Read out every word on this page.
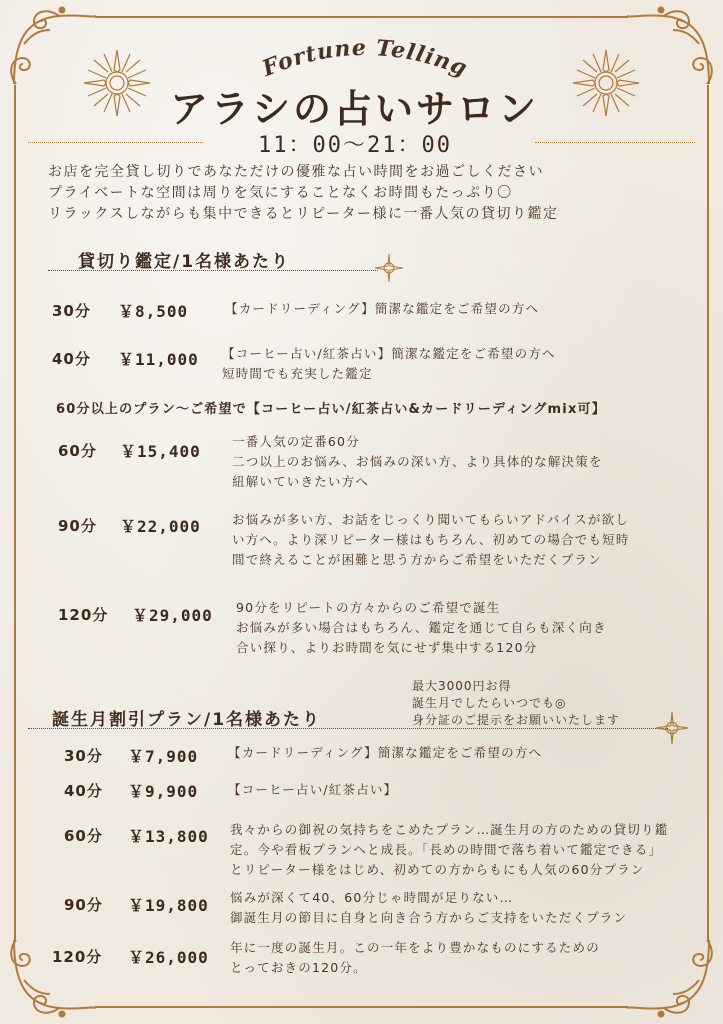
Fortune Telling
アラシの占いサロン
11：00〜21：00
お店を完全貸し切りであなただけの優雅な占い時間をお過ごしください
プライベートな空間は周りを気にすることなくお時間もたっぷり〇
リラックスしながらも集中できるとリピーター様に一番人気の貸切り鑑定
貸切り鑑定/1名様あたり
30分 ￥8,500	【カードリーディング】簡潔な鑑定をご希望の方へ
40分 ￥11,000 【コーヒー占い/紅茶占い】簡潔な鑑定をご希望の方へ
短時間でも充実した鑑定
60分以上のプラン〜ご希望で【コーヒー占い/紅茶占い&カードリーディングmix可】
60分 ￥15,400
一番人気の定番60分
二つ以上のお悩み、お悩みの深い方、より具体的な解決策を
紐解いていきたい方へ
90分 ￥22,000 お悩みが多い方、お話をじっくり聞いてもらいアドバイスが欲し
い方へ。より深リピーター様はもちろん、初めての場合でも短時
間で終えることが困難と思う方からご希望をいただくプラン
120分 ￥29,000 90分をリピートの方々からのご希望で誕生
お悩みが多い場合はもちろん、鑑定を通じて自らも深く向き
合い探り、よりお時間を気にせず集中する120分
最大3000円お得
誕生月でしたらいつでも◎
身分証のご提示をお願いいたします
誕生月割引プラン/1名様あたり
30分 ￥7,900 【カードリーディング】簡潔な鑑定をご希望の方へ
40分 ￥9,900 【コーヒー占い/紅茶占い】
60分 ￥13,800 我々からの御祝の気持ちをこめたプラン…誕生月の方のための貸切り鑑
定。今や看板プランへと成長。「長めの時間で落ち着いて鑑定できる」
とリピーター様をはじめ、初めての方からもにも人気の60分プラン
90分 ￥19,800 悩みが深くて40、60分じゃ時間が足りない…
御誕生月の節目に自身と向き合う方からご支持をいただくプラン
120分 ￥26,000
年に一度の誕生月。この一年をより豊かなものにするための
とっておきの120分。
